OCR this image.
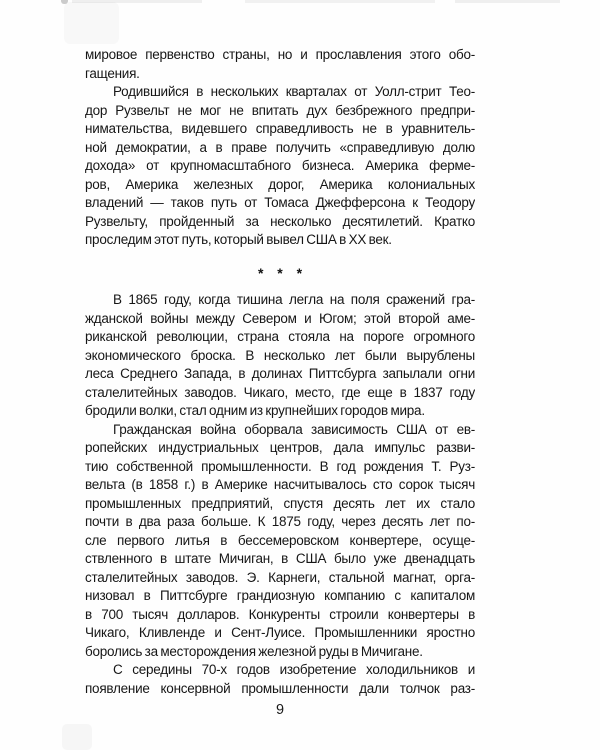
мировое первенство страны, но и прославления этого обо-
гащения.
Родившийся в нескольких кварталах от Уолл-стрит Тео-
дор Рузвельт не мог не впитать дух безбрежного предпри-
нимательства, видевшего справедливость не в уравнитель-
ной демократии, а в праве получить «справедливую долю
дохода» от крупномасштабного бизнеса. Америка ферме-
ров, Америка железных дорог, Америка колониальных
владений — таков путь от Томаса Джефферсона к Теодору
Рузвельту, пройденный за несколько десятилетий. Кратко
проследим этот путь, который вывел США в ХХ век.
* * *
В 1865 году, когда тишина легла на поля сражений гра-
жданской войны между Севером и Югом; этой второй аме-
риканской революции, страна стояла на пороге огромного
экономического броска. В несколько лет были вырублены
леса Среднего Запада, в долинах Питтсбурга запылали огни
сталелитейных заводов. Чикаго, место, где еще в 1837 году
бродили волки, стал одним из крупнейших городов мира.
Гражданская война оборвала зависимость США от ев-
ропейских индустриальных центров, дала импульс разви-
тию собственной промышленности. В год рождения Т. Руз-
вельта (в 1858 г.) в Америке насчитывалось сто сорок тысяч
промышленных предприятий, спустя десять лет их стало
почти в два раза больше. К 1875 году, через десять лет по-
сле первого литья в бессемеровском конвертере, осуще-
ствленного в штате Мичиган, в США было уже двенадцать
сталелитейных заводов. Э. Карнеги, стальной магнат, орга-
низовал в Питтсбурге грандиозную компанию с капиталом
в 700 тысяч долларов. Конкуренты строили конвертеры в
Чикаго, Кливленде и Сент-Луисе. Промышленники яростно
боролись за месторождения железной руды в Мичигане.
С середины 70-х годов изобретение холодильников и
появление консервной промышленности дали толчок раз-
9
